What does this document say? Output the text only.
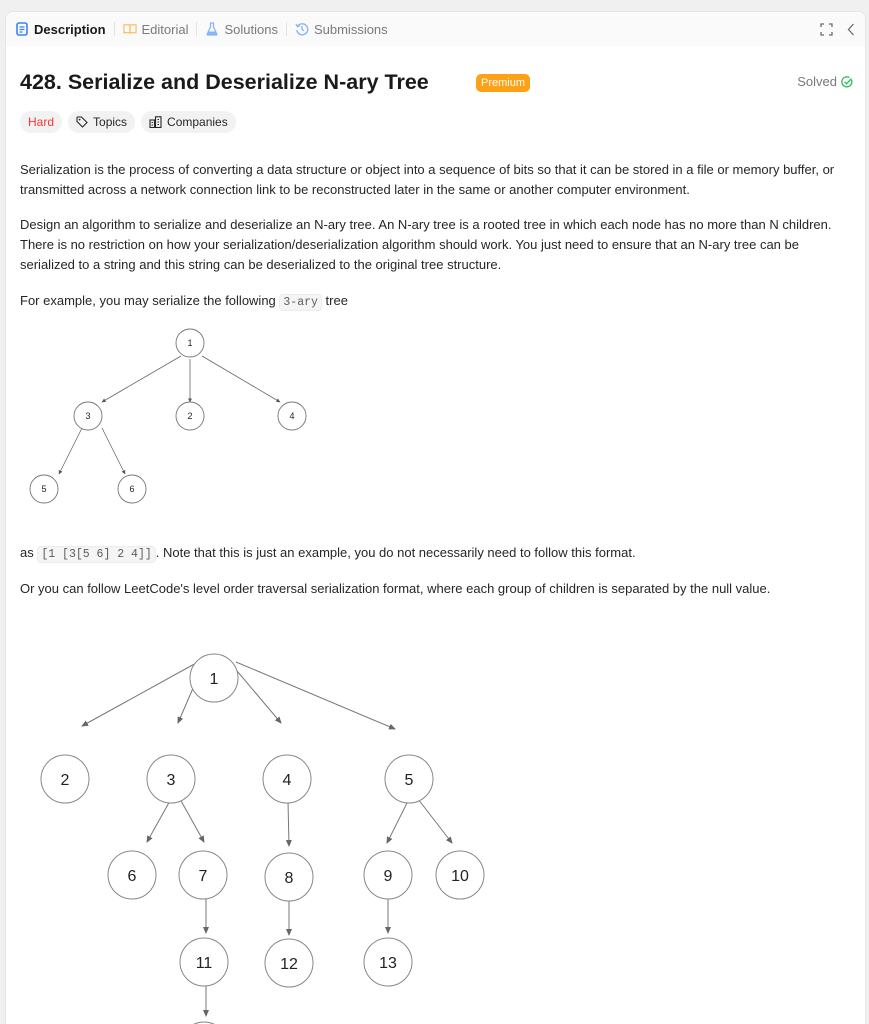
Description	Editorial	Solutions	Submissions
428. Serialize and Deserialize N-ary Tree	Premium	Solved
Hard	Topics	Companies

Serialization is the process of converting a data structure or object into a sequence of bits so that it can be stored in a file or memory buffer, or transmitted across a network connection link to be reconstructed later in the same or another computer environment.

Design an algorithm to serialize and deserialize an N-ary tree. An N-ary tree is a rooted tree in which each node has no more than N children. There is no restriction on how your serialization/deserialization algorithm should work. You just need to ensure that an N-ary tree can be serialized to a string and this string can be deserialized to the original tree structure.

For example, you may serialize the following 3-ary tree

1
3	2	4
5	6

as [1 [3[5 6] 2 4]] . Note that this is just an example, you do not necessarily need to follow this format.

Or you can follow LeetCode's level order traversal serialization format, where each group of children is separated by the null value.

1
2	3	4	5
6	7	8	9	10
11	12	13
